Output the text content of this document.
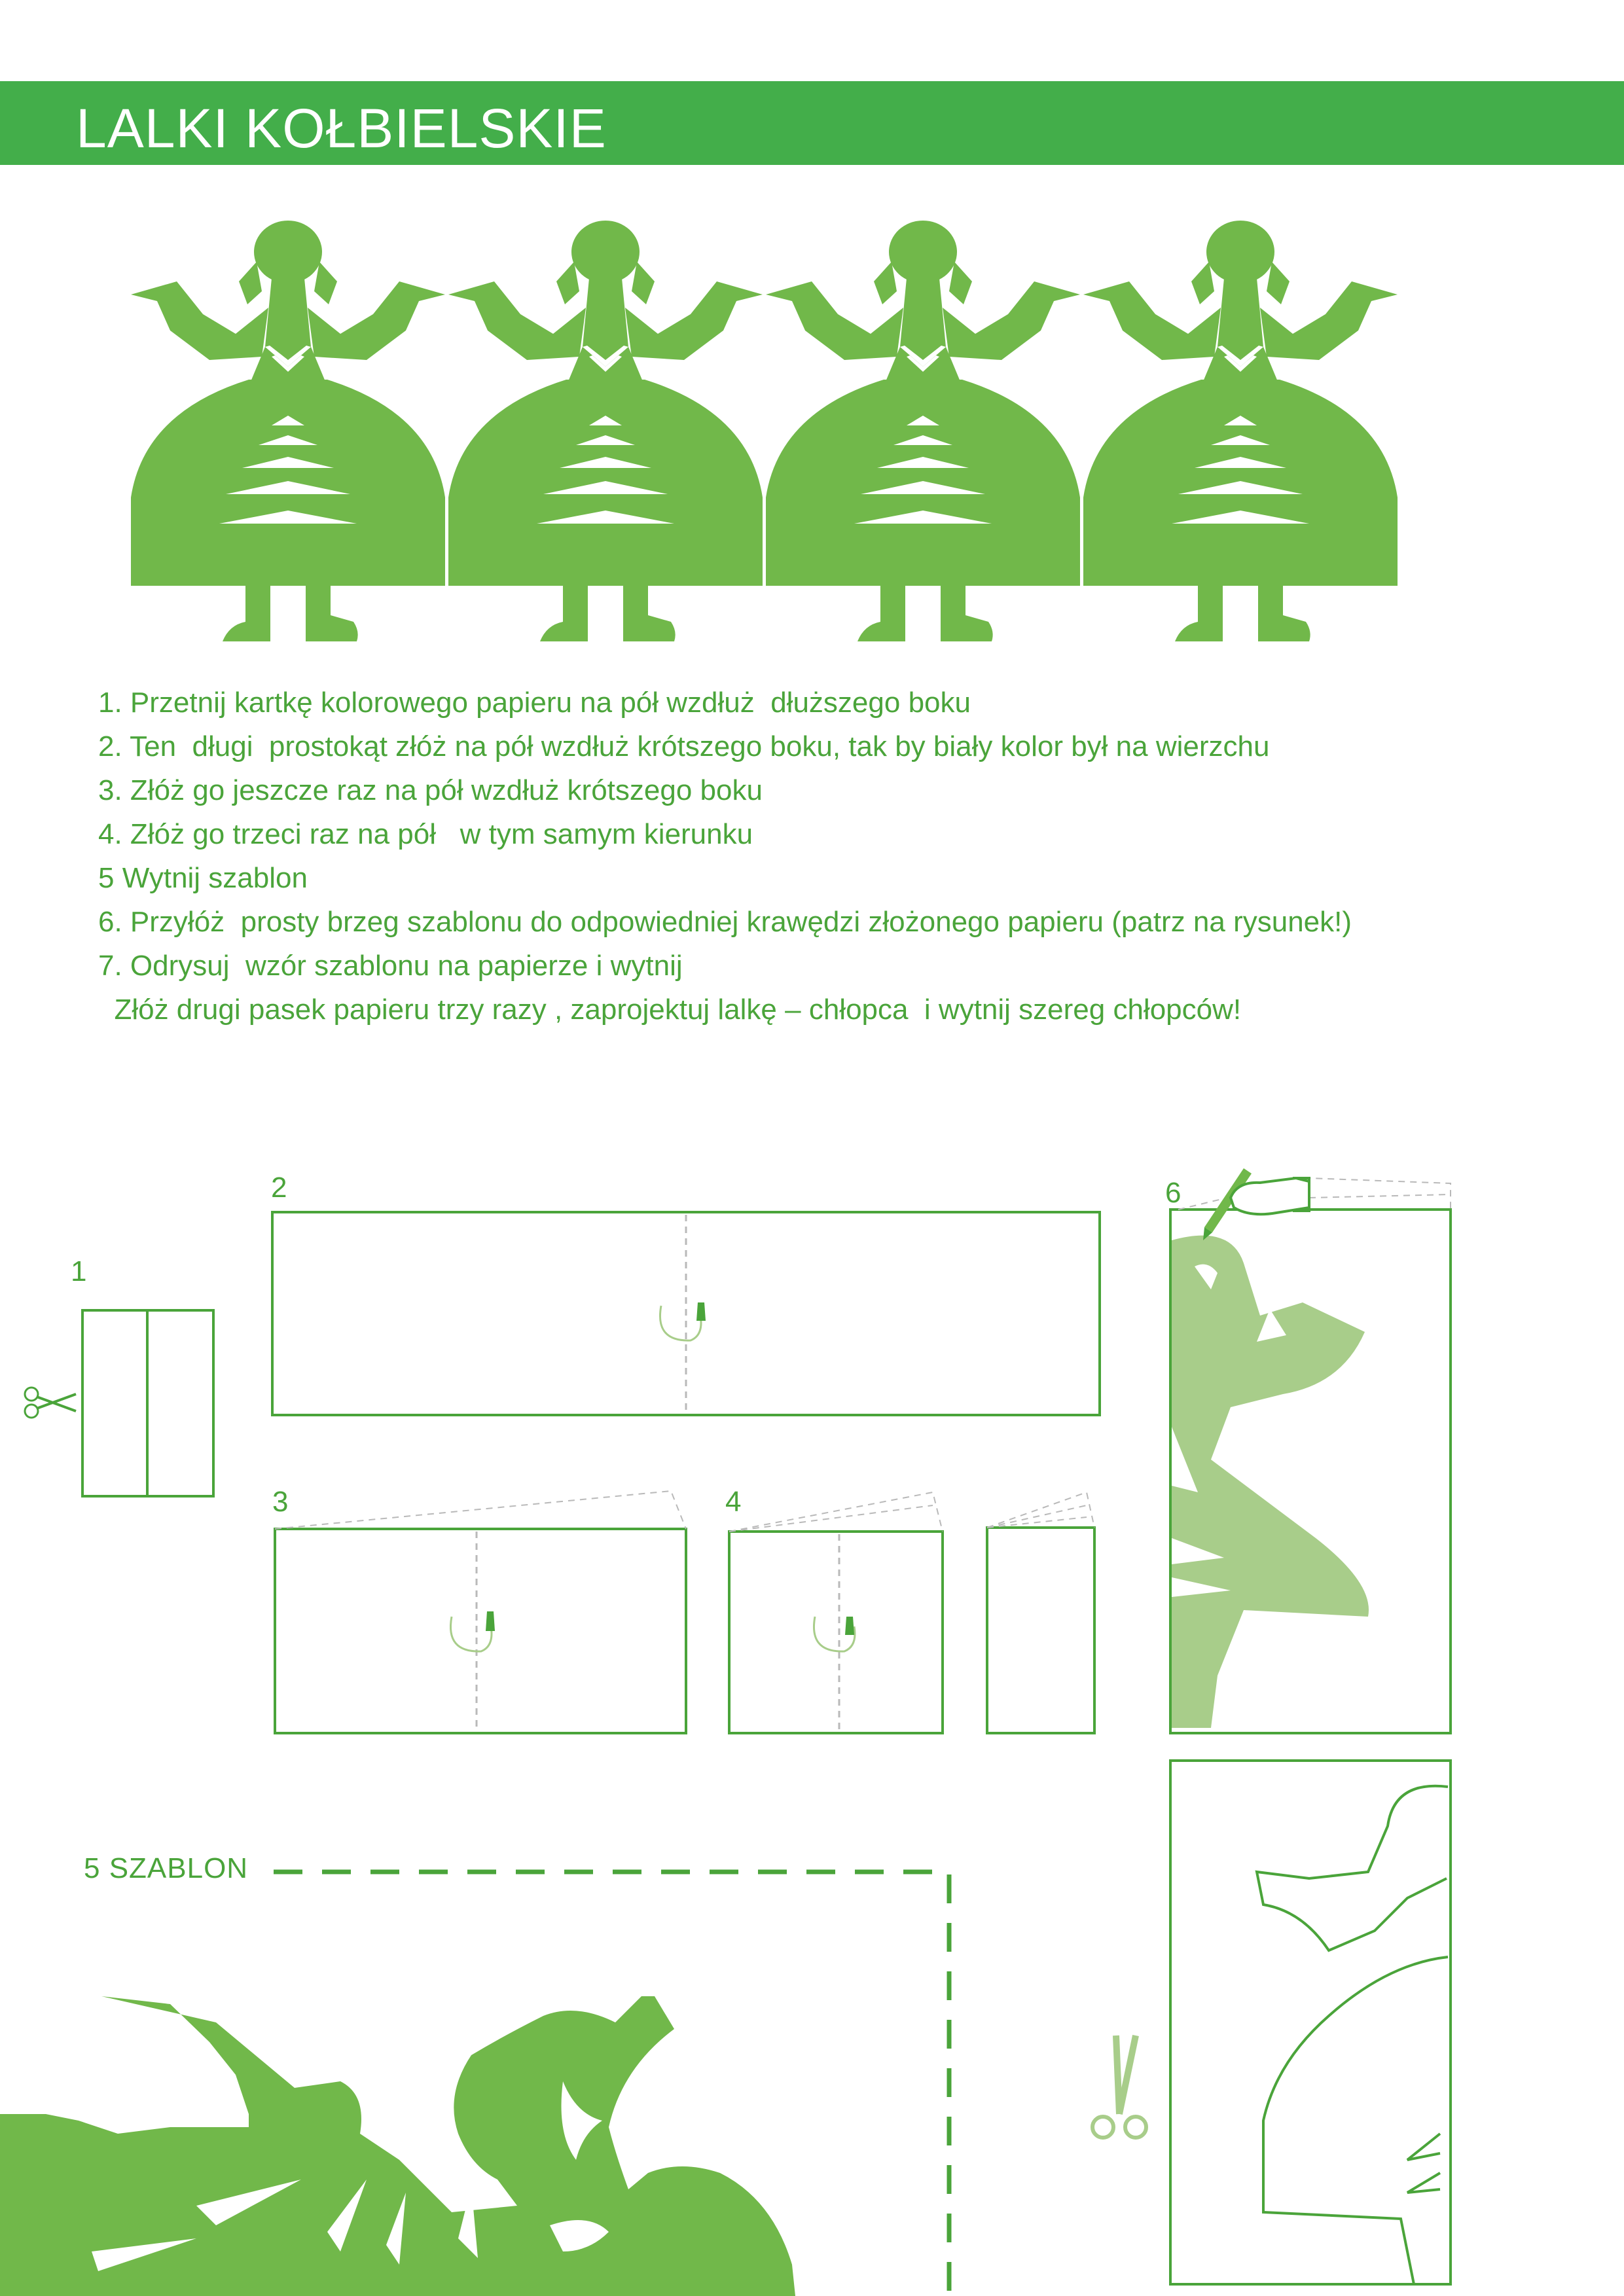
LALKI KOŁBIELSKIE
1. Przetnij kartkę kolorowego papieru na pół wzdłuż  dłuższego boku
2. Ten  długi  prostokąt złóż na pół wzdłuż krótszego boku, tak by biały kolor był na wierzchu
3. Złóż go jeszcze raz na pół wzdłuż krótszego boku
4. Złóż go trzeci raz na pół   w tym samym kierunku
5 Wytnij szablon
6. Przyłóż  prosty brzeg szablonu do odpowiedniej krawędzi złożonego papieru (patrz na rysunek!)
7. Odrysuj  wzór szablonu na papierze i wytnij
Złóż drugi pasek papieru trzy razy , zaprojektuj lalkę – chłopca  i wytnij szereg chłopców!
1
2
3	4
6
5 SZABLON
